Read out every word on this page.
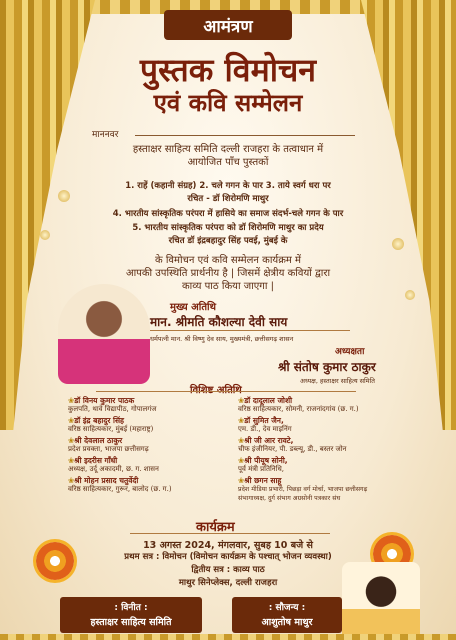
आमंत्रण
पुस्तक विमोचन
एवं कवि सम्मेलन
माननवर
हस्ताक्षर साहित्य समिति दल्ली राजहरा के तत्वाधान में
आयोजित पाँच पुस्तकों
1. राहें (कहानी संग्रह) 2. चले गगन के पार 3. ताये स्वर्ग धरा पर
रचित - डॉ शिरोमणि माथुर
4. भारतीय सांस्कृतिक परंपरा में हासिये का समाज संदर्भ-चले गगन के पार
5. भारतीय सांस्कृतिक परंपरा को डॉ शिरोमणि माथुर का प्रदेय
रचित डॉ इंद्रबहादुर सिंह पवई, मुंबई के
के विमोचन एवं कवि सम्मेलन कार्यक्रम में
आपकी उपस्थिति प्रार्थनीय है | जिसमें क्षेत्रीय कवियों द्वारा
काव्य पाठ किया जाएगा |
मुख्य अतिथि
मान. श्रीमति कौशल्या देवी साय
धर्मपत्नी मान. श्री विष्णु देव साय, मुख्यमंत्री, छत्तीसगढ़ शासन
अध्यक्षता
श्री संतोष कुमार ठाकुर
अध्यक्ष, हस्ताक्षर साहित्य समिति
विशिष्ट अतिथि
❀ डॉ विनय कुमार पाठक
कुलपति, थावे विद्यापीठ, गोपालगंज
❀ डॉ इंद्र बहादुर सिंह
वरिष्ठ साहित्यकार, मुंबई (महाराष्ट्र)
❀ श्री देवलाल ठाकुर
प्रदेश प्रवक्ता, भाजपा छत्तीसगढ़
❀ श्री इदरीस गाँधी
अध्यक्ष, उर्दू अकादमी, छ. ग. शासन
❀ श्री मोहन प्रसाद चतुर्वेदी
वरिष्ठ साहित्यकार, गुरूर, बालोद (छ. ग.)
❀ डॉ दादूलाल जोशी
वरिष्ठ साहित्यकार, सोमनी, राजनांदगांव (छ. ग.)
❀ डॉ सुमित जैन,
एम. डी., देव माइनिंग
❀ श्री जी आर रावटे,
चीफ इंजीनियर, पी. डब्ल्यू, डी., बस्तर जोन
❀ श्री पीयूष सोनी,
पूर्व मंत्री प्रतिनिधि,
❀ श्री छगन साहू
प्रदेश मीडिया प्रभारी, पिछड़ा वर्ग मोर्चा, भाजपा छत्तीसगढ़
संभागाध्यक्ष, दुर्ग संभाग अग्रसोनी पत्रकार संघ
कार्यक्रम
13 अगस्त 2024, मंगलवार, सुबह 10 बजे से
प्रथम सत्र : विमोचन (विमोचन कार्यक्रम के पश्चात् भोजन व्यवस्था)
द्वितीय सत्र : काव्य पाठ
माथुर सिनेप्लेक्स, दल्ली राजहरा
: विनीत :
हस्ताक्षर साहित्य समिति
: सौजन्य :
आशुतोष माथुर
